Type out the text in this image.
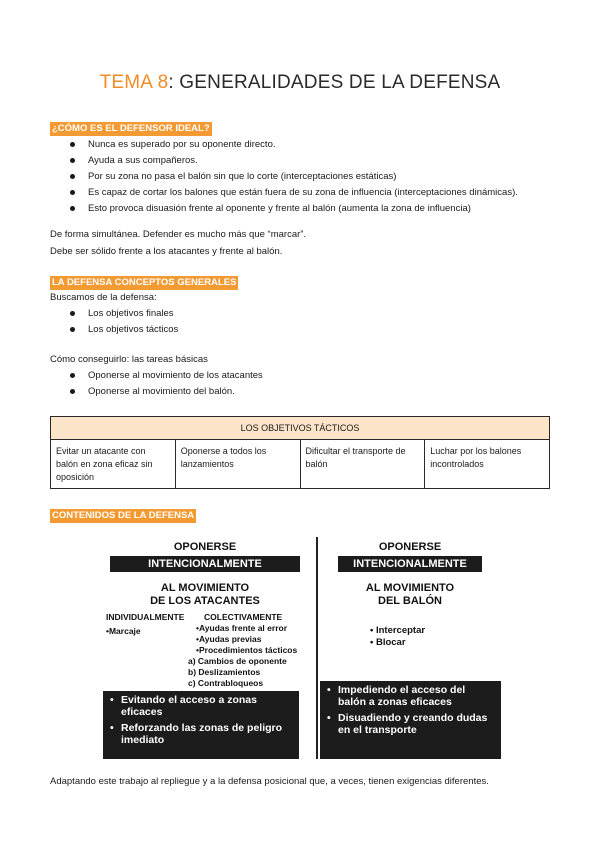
TEMA 8: GENERALIDADES DE LA DEFENSA
¿CÓMO ES EL DEFENSOR IDEAL?
Nunca es superado por su oponente directo.
Ayuda a sus compañeros.
Por su zona no pasa el balón sin que lo corte (interceptaciones estáticas)
Es capaz de cortar los balones que están fuera de su zona de influencia (interceptaciones dinámicas).
Esto provoca disuasión frente al oponente y frente al balón (aumenta la zona de influencia)
De forma simultánea. Defender es mucho más que “marcar”.
Debe ser sólido frente a los atacantes y frente al balón.
LA DEFENSA CONCEPTOS GENERALES
Buscamos de la defensa:
Los objetivos finales
Los objetivos tácticos
Cómo conseguirlo: las tareas básicas
Oponerse al movimiento de los atacantes
Oponerse al movimiento del balón.
LOS OBJETIVOS TÁCTICOS
Evitar un atacante con balón en zona eficaz sin oposición
Oponerse a todos los lanzamientos
Dificultar el transporte de balón
Luchar por los balones incontrolados
CONTENIDOS DE LA DEFENSA
OPONERSE
INTENCIONALMENTE
AL MOVIMIENTO
DE LOS ATACANTES
INDIVIDUALMENTE COLECTIVAMENTE
•Marcaje	•Ayudas frente al error
•Ayudas previas
•Procedimientos tácticos
a) Cambios de oponente
b) Deslizamientos
c) Contrabloqueos
• Evitando el acceso a zonas eficaces
• Reforzando las zonas de peligro imediato
OPONERSE
INTENCIONALMENTE
AL MOVIMIENTO
DEL BALÓN
• Interceptar
• Blocar
• Impediendo el acceso del balón a zonas eficaces
• Disuadiendo y creando dudas en el transporte
Adaptando este trabajo al repliegue y a la defensa posicional que, a veces, tienen exigencias diferentes.
